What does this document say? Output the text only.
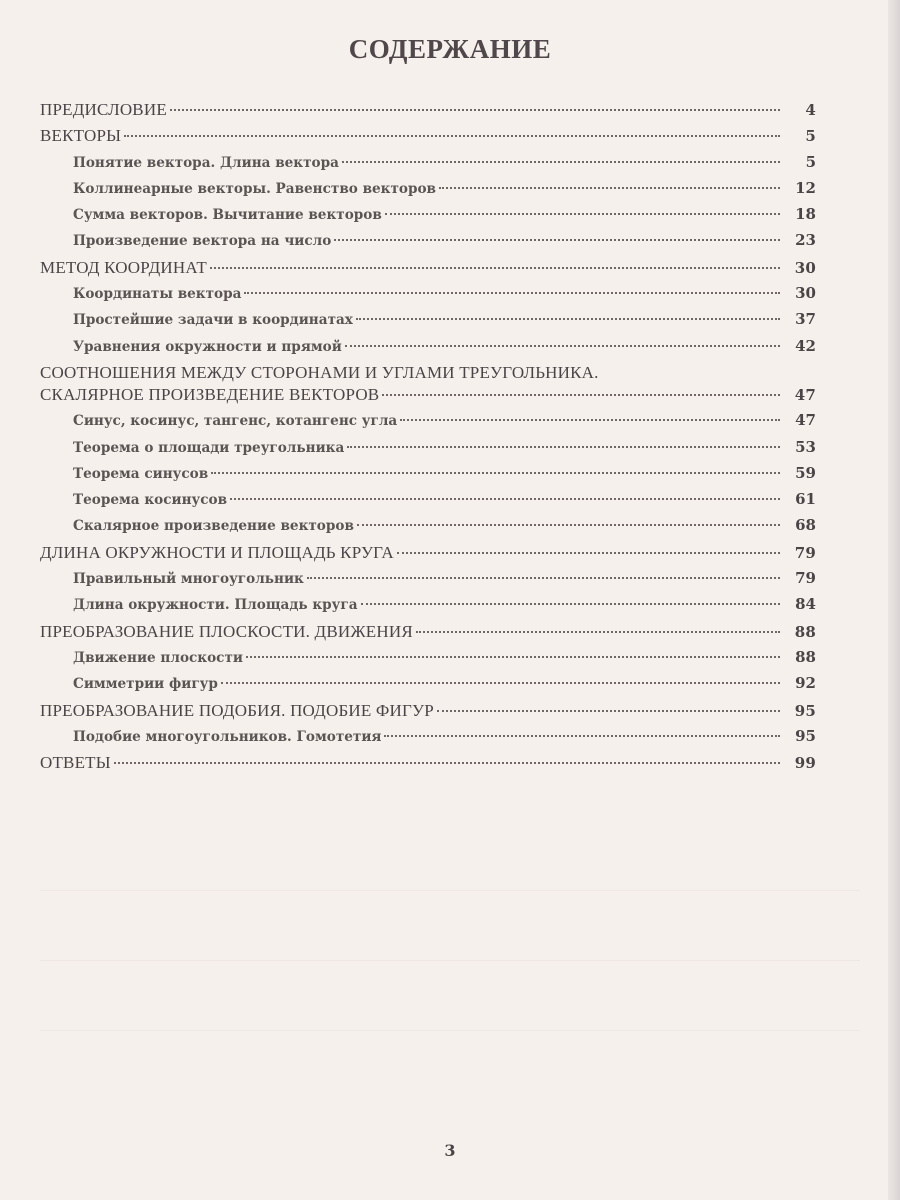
СОДЕРЖАНИЕ
ПРЕДИСЛОВИЕ	4
ВЕКТОРЫ	5
Понятие вектора. Длина вектора	5
Коллинеарные векторы. Равенство векторов	12
Сумма векторов. Вычитание векторов	18
Произведение вектора на число	23
МЕТОД КООРДИНАТ	30
Координаты вектора	30
Простейшие задачи в координатах	37
Уравнения окружности и прямой	42
СООТНОШЕНИЯ МЕЖДУ СТОРОНАМИ И УГЛАМИ ТРЕУГОЛЬНИКА.
СКАЛЯРНОЕ ПРОИЗВЕДЕНИЕ ВЕКТОРОВ	47
Синус, косинус, тангенс, котангенс угла	47
Теорема о площади треугольника	53
Теорема синусов	59
Теорема косинусов	61
Скалярное произведение векторов	68
ДЛИНА ОКРУЖНОСТИ И ПЛОЩАДЬ КРУГА	79
Правильный многоугольник	79
Длина окружности. Площадь круга	84
ПРЕОБРАЗОВАНИЕ ПЛОСКОСТИ. ДВИЖЕНИЯ	88
Движение плоскости	88
Симметрии фигур	92
ПРЕОБРАЗОВАНИЕ ПОДОБИЯ. ПОДОБИЕ ФИГУР	95
Подобие многоугольников. Гомотетия	95
ОТВЕТЫ	99
3
